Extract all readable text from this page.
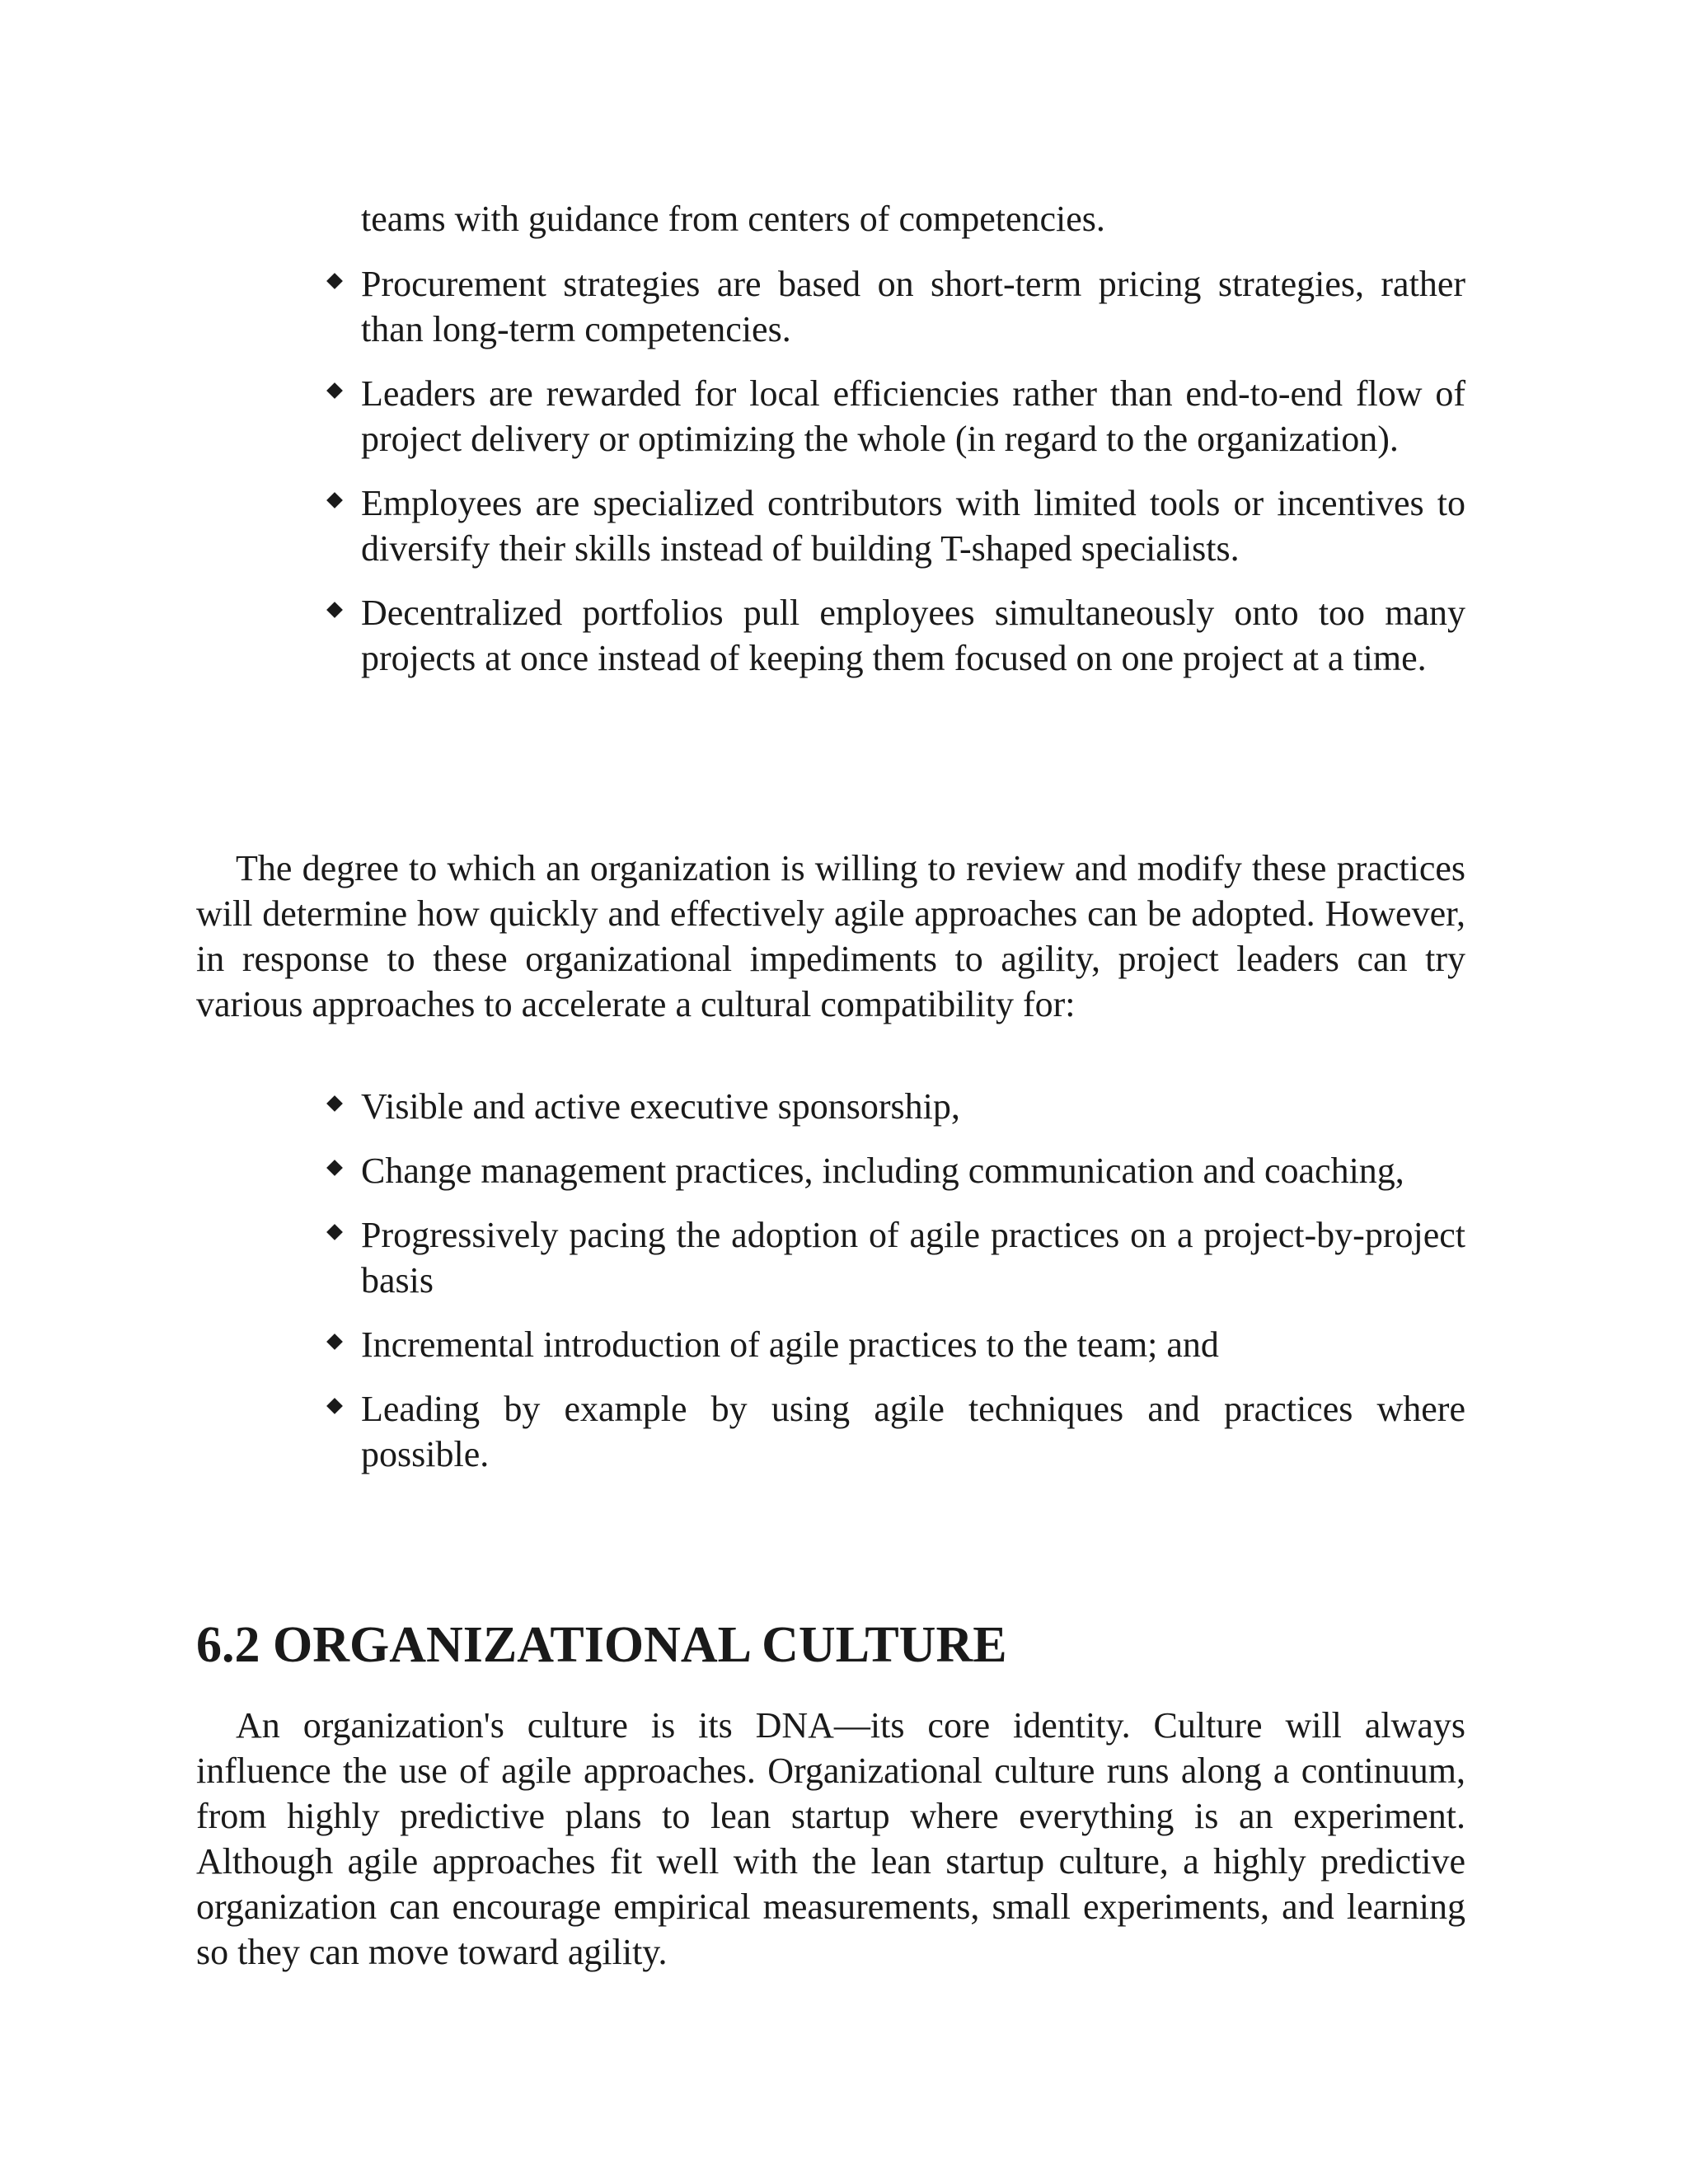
teams with guidance from centers of competencies.
Procurement strategies are based on short-term pricing strategies, rather than long-term competencies.
Leaders are rewarded for local efficiencies rather than end-to-end flow of project delivery or optimizing the whole (in regard to the organization).
Employees are specialized contributors with limited tools or incentives to diversify their skills instead of building T-shaped specialists.
Decentralized portfolios pull employees simultaneously onto too many projects at once instead of keeping them focused on one project at a time.

The degree to which an organization is willing to review and modify these practices will determine how quickly and effectively agile approaches can be adopted. However, in response to these organizational impediments to agility, project leaders can try various approaches to accelerate a cultural compatibility for:

Visible and active executive sponsorship,
Change management practices, including communication and coaching,
Progressively pacing the adoption of agile practices on a project-by-project basis
Incremental introduction of agile practices to the team; and
Leading by example by using agile techniques and practices where possible.
6.2 ORGANIZATIONAL CULTURE

An organization's culture is its DNA—its core identity. Culture will always influence the use of agile approaches. Organizational culture runs along a continuum, from highly predictive plans to lean startup where everything is an experiment. Although agile approaches fit well with the lean startup culture, a highly predictive organization can encourage empirical measurements, small experiments, and learning so they can move toward agility.
